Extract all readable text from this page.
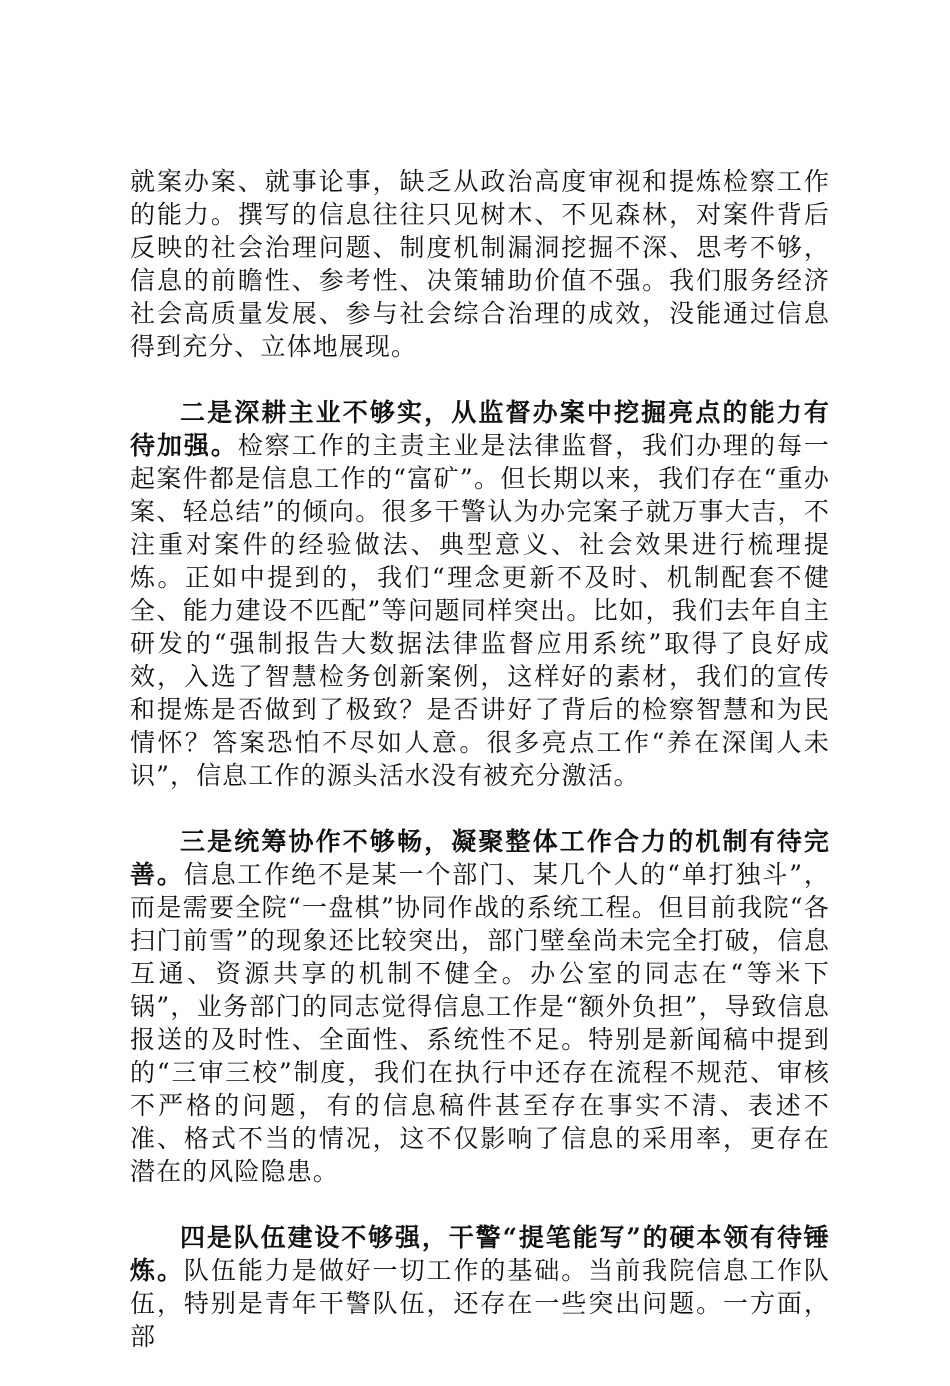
就案办案、就事论事，缺乏从政治高度审视和提炼检察工作的能力。撰写的信息往往只见树木、不见森林，对案件背后反映的社会治理问题、制度机制漏洞挖掘不深、思考不够，信息的前瞻性、参考性、决策辅助价值不强。我们服务经济社会高质量发展、参与社会综合治理的成效，没能通过信息得到充分、立体地展现。

二是深耕主业不够实，从监督办案中挖掘亮点的能力有待加强。检察工作的主责主业是法律监督，我们办理的每一起案件都是信息工作的“富矿”。但长期以来，我们存在“重办案、轻总结”的倾向。很多干警认为办完案子就万事大吉，不注重对案件的经验做法、典型意义、社会效果进行梳理提炼。正如中提到的，我们“理念更新不及时、机制配套不健全、能力建设不匹配”等问题同样突出。比如，我们去年自主研发的“强制报告大数据法律监督应用系统”取得了良好成效，入选了智慧检务创新案例，这样好的素材，我们的宣传和提炼是否做到了极致？是否讲好了背后的检察智慧和为民情怀？答案恐怕不尽如人意。很多亮点工作“养在深闺人未识”，信息工作的源头活水没有被充分激活。

三是统筹协作不够畅，凝聚整体工作合力的机制有待完善。信息工作绝不是某一个部门、某几个人的“单打独斗”，而是需要全院“一盘棋”协同作战的系统工程。但目前我院“各扫门前雪”的现象还比较突出，部门壁垒尚未完全打破，信息互通、资源共享的机制不健全。办公室的同志在“等米下锅”，业务部门的同志觉得信息工作是“额外负担”，导致信息报送的及时性、全面性、系统性不足。特别是新闻稿中提到的“三审三校”制度，我们在执行中还存在流程不规范、审核不严格的问题，有的信息稿件甚至存在事实不清、表述不准、格式不当的情况，这不仅影响了信息的采用率，更存在潜在的风险隐患。

四是队伍建设不够强，干警“提笔能写”的硬本领有待锤炼。队伍能力是做好一切工作的基础。当前我院信息工作队伍，特别是青年干警队伍，还存在一些突出问题。一方面，部
